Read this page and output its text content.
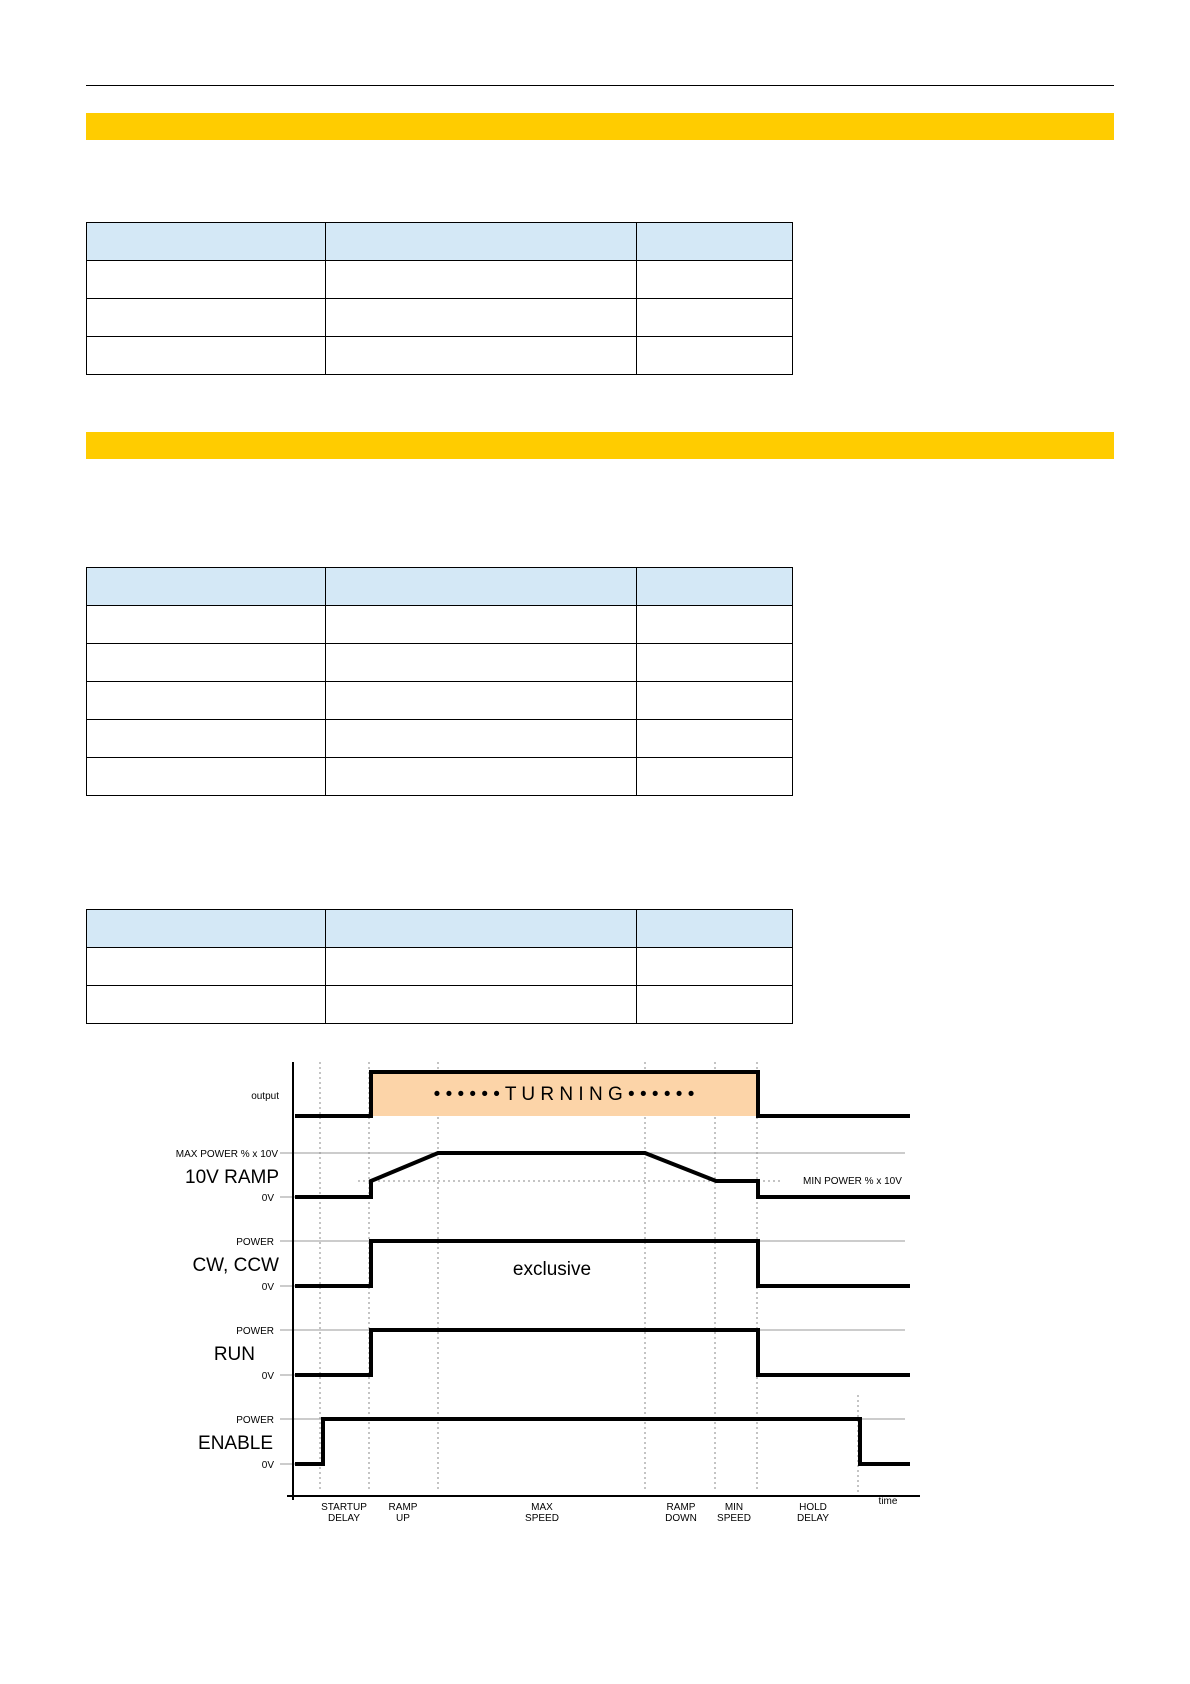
output	• • • • • • T U R N I N G • • • • • •
MAX POWER % x 10V
10V RAMP
0V
MIN POWER % x 10V
POWER
CW, CCW
0V
exclusive
POWER
RUN
0V
POWER
ENABLE
0V
time
STARTUP
DELAY
RAMP
UP
MAX
SPEED
RAMP
DOWN
MIN
SPEED
HOLD
DELAY
